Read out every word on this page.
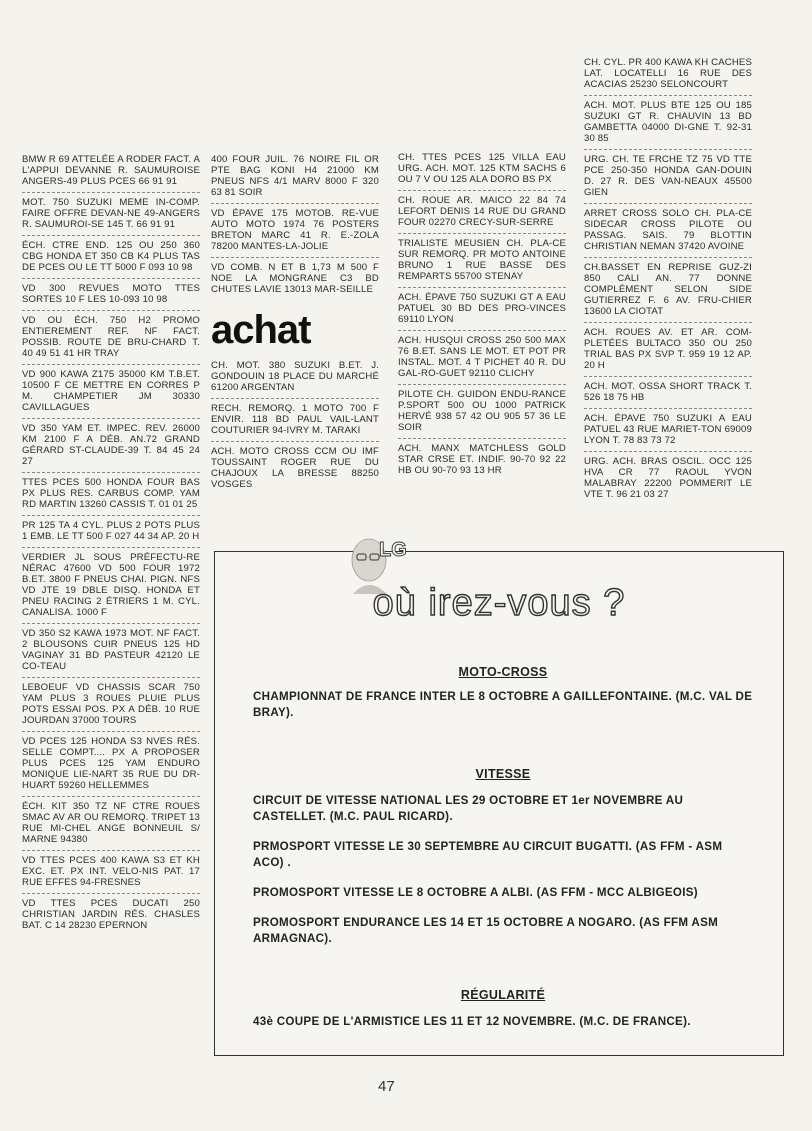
BMW R 69 ATTELÉE A RODER FACT. A L'APPUI DEVANNE R. SAUMUROISE ANGERS-49 PLUS PCES 66 91 91
MOT. 750 SUZUKI MEME IN-COMP. FAIRE OFFRE DEVAN-NE 49-ANGERS R. SAUMUROI-SE 145 T. 66 91 91
ÉCH. CTRE END. 125 OU 250 360 CBG HONDA ET 350 CB K4 PLUS TAS DE PCES OU LE TT 5000 F 093 10 98
VD 300 REVUES MOTO TTES SORTES 10 F LES 10-093 10 98
VD OU ÉCH. 750 H2 PROMO ENTIEREMENT REF. NF FACT. POSSIB. ROUTE DE BRU-CHARD T. 40 49 51 41 HR TRAY
VD 900 KAWA Z175 35000 KM T.B.ET. 10500 F CE METTRE EN CORRES P M. CHAMPETIER JM 30330 CAVILLAGUES
VD 350 YAM ET. IMPEC. REV. 26000 KM 2100 F A DÉB. AN.72 GRAND GÉRARD ST-CLAUDE-39 T. 84 45 24 27
TTES PCES 500 HONDA FOUR BAS PX PLUS RES. CARBUS COMP. YAM RD MARTIN 13260 CASSIS T. 01 01 25
PR 125 TA 4 CYL. PLUS 2 POTS PLUS 1 EMB. LE TT 500 F 027 44 34 AP. 20 H
VERDIER JL SOUS PRÉFECTU-RE NÉRAC 47600 VD 500 FOUR 1972 B.ET. 3800 F PNEUS CHAI. PIGN. NFS VD JTE 19 DBLE DISQ. HONDA ET PNEU RACING 2 ÉTRIERS 1 M. CYL. CANALISA. 1000 F
VD 350 S2 KAWA 1973 MOT. NF FACT. 2 BLOUSONS CUIR PNEUS 125 HD VAGINAY 31 BD PASTEUR 42120 LE CO-TEAU
LEBOEUF VD CHASSIS SCAR 750 YAM PLUS 3 ROUES PLUIE PLUS POTS ESSAI POS. PX A DÉB. 10 RUE JOURDAN 37000 TOURS
VD PCES 125 HONDA S3 NVES RÉS. SELLE COMPT.... PX A PROPOSER PLUS PCES 125 YAM ENDURO MONIQUE LIE-NART 35 RUE DU DR-HUART 59260 HELLEMMES
ÉCH. KIT 350 TZ NF CTRE ROUES SMAC AV AR OU REMORQ. TRIPET 13 RUE MI-CHEL ANGE BONNEUIL S/ MARNE 94380
VD TTES PCES 400 KAWA S3 ET KH EXC. ET. PX INT. VELO-NIS PAT. 17 RUE EFFES 94-FRESNES
VD TTES PCES DUCATI 250 CHRISTIAN JARDIN RÉS. CHASLES BAT. C 14 28230 EPERNON
400 FOUR JUIL. 76 NOIRE FIL OR PTE BAG KONI H4 21000 KM PNEUS NFS 4/1 MARV 8000 F 320 63 81 SOIR
VD ÉPAVE 175 MOTOB. RE-VUE AUTO MOTO 1974 76 POSTERS BRETON MARC 41 R. E.-ZOLA 78200 MANTES-LA-JOLIE
VD COMB. N ET B 1,73 M 500 F NOE LA MONGRANE C3 BD CHUTES LAVIE 13013 MAR-SEILLE
achat
CH. MOT. 380 SUZUKI B.ET. J. GONDOUIN 18 PLACE DU MARCHÉ 61200 ARGENTAN
RECH. REMORQ. 1 MOTO 700 F ENVIR. 118 BD PAUL VAIL-LANT COUTURIER 94-IVRY M. TARAKI
ACH. MOTO CROSS CCM OU IMF TOUSSAINT ROGER RUE DU CHAJOUX LA BRESSE 88250 VOSGES
CH. TTES PCES 125 VILLA EAU URG. ACH. MOT. 125 KTM SACHS 6 OU 7 V OU 125 ALA DORO BS PX
CH. ROUE AR. MAICO 22 84 74 LEFORT DENIS 14 RUE DU GRAND FOUR 02270 CRECY-SUR-SERRE
TRIALISTE MEUSIEN CH. PLA-CE SUR REMORQ. PR MOTO ANTOINE BRUNO 1 RUE BASSE DES REMPARTS 55700 STENAY
ACH. ÉPAVE 750 SUZUKI GT A EAU PATUEL 30 BD DES PRO-VINCES 69110 LYON
ACH. HUSQUI CROSS 250 500 MAX 76 B.ET. SANS LE MOT. ET POT PR INSTAL. MOT. 4 T PICHET 40 R. DU GAL-RO-GUET 92110 CLICHY
PILOTE CH. GUIDON ENDU-RANCE P.SPORT 500 OU 1000 PATRICK HERVÉ 938 57 42 OU 905 57 36 LE SOIR
ACH. MANX MATCHLESS GOLD STAR CRSE ET. INDIF. 90-70 92 22 HB OU 90-70 93 13 HR
CH. CYL. PR 400 KAWA KH CACHES LAT. LOCATELLI 16 RUE DES ACACIAS 25230 SELONCOURT
ACH. MOT. PLUS BTE 125 OU 185 SUZUKI GT R. CHAUVIN 13 BD GAMBETTA 04000 DI-GNE T. 92-31 30 85
URG. CH. TE FRCHE TZ 75 VD TTE PCE 250-350 HONDA GAN-DOUIN D. 27 R. DES VAN-NEAUX 45500 GIEN
ARRET CROSS SOLO CH. PLA-CE SIDECAR CROSS PILOTE OU PASSAG. SAIS. 79 BLOTTIN CHRISTIAN NEMAN 37420 AVOINE
CH.BASSET EN REPRISE GUZ-ZI 850 CALI AN. 77 DONNE COMPLÉMENT SELON SIDE GUTIERREZ F. 6 AV. FRU-CHIER 13600 LA CIOTAT
ACH. ROUES AV. ET AR. COM-PLETÉES BULTACO 350 OU 250 TRIAL BAS PX SVP T. 959 19 12 AP. 20 H
ACH. MOT. OSSA SHORT TRACK T. 526 18 75 HB
ACH. ÉPAVE 750 SUZUKI A EAU PATUEL 43 RUE MARIET-TON 69009 LYON T. 78 83 73 72
URG. ACH. BRAS OSCIL. OCC 125 HVA CR 77 RAOUL YVON MALABRAY 22200 POMMERIT LE VTE T. 96 21 03 27
LG
où irez-vous ?
MOTO-CROSS
CHAMPIONNAT DE FRANCE INTER LE 8 OCTOBRE A GAILLEFONTAINE. (M.C. VAL DE BRAY).
VITESSE
CIRCUIT DE VITESSE NATIONAL LES 29 OCTOBRE ET 1er NOVEMBRE AU CASTELLET. (M.C. PAUL RICARD).
PRMOSPORT VITESSE LE 30 SEPTEMBRE AU CIRCUIT BUGATTI. (AS FFM - ASM ACO) .
PROMOSPORT VITESSE LE 8 OCTOBRE A ALBI. (AS FFM - MCC ALBIGEOIS)
PROMOSPORT ENDURANCE LES 14 ET 15 OCTOBRE A NOGARO. (AS FFM ASM ARMAGNAC).
RÉGULARITÉ
43è COUPE DE L'ARMISTICE LES 11 ET 12 NOVEMBRE. (M.C. DE FRANCE).
47
